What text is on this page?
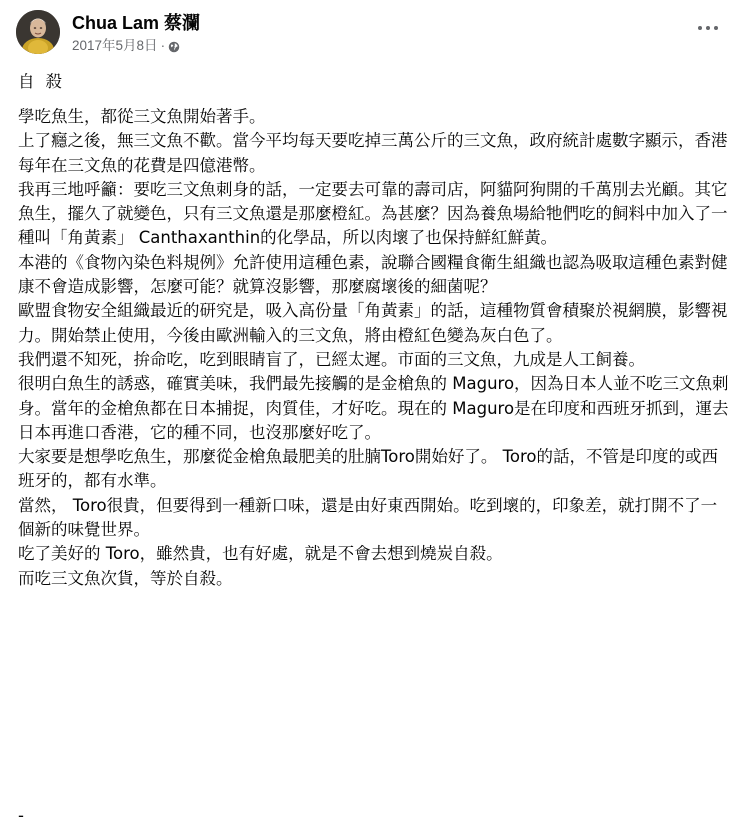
Chua Lam 蔡瀾
2017年5月8日 ·
自殺

學吃魚生，都從三文魚開始著手。

上了癮之後，無三文魚不歡。當今平均每天要吃掉三萬公斤的三文魚，政府統計處數字顯示，香港每年在三文魚的花費是四億港幣。

我再三地呼籲：要吃三文魚刺身的話，一定要去可靠的壽司店，阿貓阿狗開的千萬別去光顧。其它魚生，擺久了就變色，只有三文魚還是那麼橙紅。為甚麼？因為養魚場給牠們吃的飼料中加入了一種叫「角黃素」 Canthaxanthin的化學品，所以肉壞了也保持鮮紅鮮黃。

本港的《食物內染色料規例》允許使用這種色素，說聯合國糧食衛生組織也認為吸取這種色素對健康不會造成影響，怎麼可能？就算沒影響，那麼腐壞後的細菌呢？

歐盟食物安全組織最近的研究是，吸入高份量「角黃素」的話，這種物質會積聚於視網膜，影響視力。開始禁止使用，今後由歐洲輸入的三文魚，將由橙紅色變為灰白色了。

我們還不知死，拚命吃，吃到眼睛盲了，已經太遲。市面的三文魚，九成是人工飼養。

很明白魚生的誘惑，確實美味，我們最先接觸的是金槍魚的 Maguro，因為日本人並不吃三文魚刺身。當年的金槍魚都在日本捕捉，肉質佳，才好吃。現在的 Maguro是在印度和西班牙抓到，運去日本再進口香港，它的種不同，也沒那麼好吃了。

大家要是想學吃魚生，那麼從金槍魚最肥美的肚腩Toro開始好了。 Toro的話，不管是印度的或西班牙的，都有水準。

當然， Toro很貴，但要得到一種新口味，還是由好東西開始。吃到壞的，印象差，就打開不了一個新的味覺世界。

吃了美好的 Toro，雖然貴，也有好處，就是不會去想到燒炭自殺。

而吃三文魚次貨，等於自殺。

-
